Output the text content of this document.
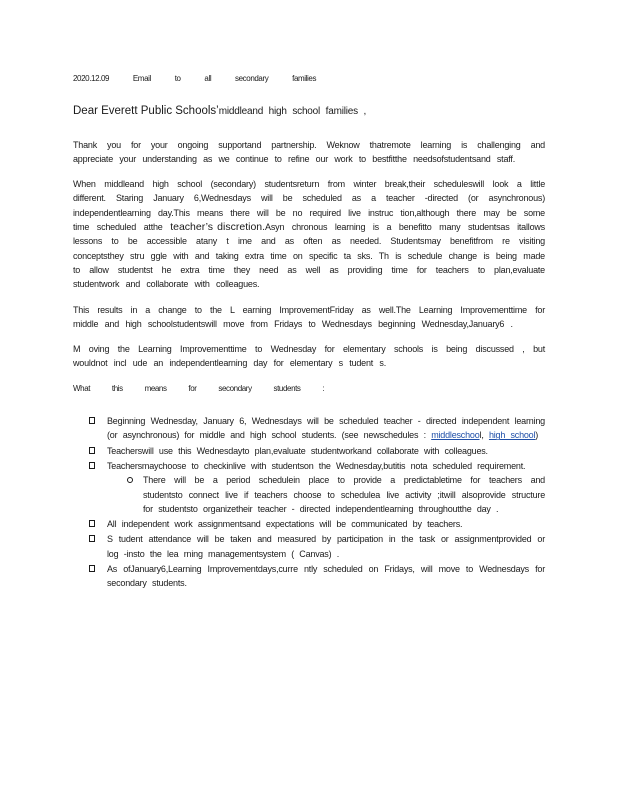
2020.12.09	Email to all secondary families
Dear Everett Public Schools’middleand high school families ,

Thank you for your ongoing supportand partnership. Weknow thatremote learning is challenging and appreciate your understanding as we continue to refine our work to bestfitthe needsofstudentsand staff.

When middleand high school (secondary) studentsreturn from winter break,their scheduleswill look a little different. Staring January 6,Wednesdays will be scheduled as a teacher -directed (or asynchronous) independentlearning day.This means there will be no required live instruc tion,although there may be some time scheduled atthe teacher’s discretion.Asyn chronous learning is a benefitto many studentsas itallows lessons to be accessible atany t ime and as often as needed. Studentsmay benefitfrom re visiting conceptsthey stru ggle with and taking extra time on specific ta sks. Th is schedule change is being made to allow studentst he extra time they need as well as providing time for teachers to plan,evaluate studentwork and collaborate with colleagues.

This results in a change to the L earning ImprovementFriday as well.The Learning Improvementtime for middle and high schoolstudentswill move from Fridays to Wednesdays beginning Wednesday,January6 .

M oving the Learning Improvementtime to Wednesday for elementary schools is being discussed , but wouldnot incl ude an independentlearning day for elementary s tudent s.

What this means for secondary students :
Beginning Wednesday, January 6, Wednesdays will be scheduled teacher - directed independent learning (or asynchronous) for middle and high school students. (see newschedules : middleschool, high school)
Teacherswill use this Wednesdayto plan,evaluate studentworkand collaborate with colleagues.
Teachersmaychoose to checkinlive with studentson the Wednesday,butitis nota scheduled requirement.
There will be a period schedulein place to provide a predictabletime for teachers and studentsto connect live if teachers choose to schedulea live activity ;itwill alsoprovide structure for studentsto organizetheir teacher - directed independentlearning throughoutthe day .
All independent work assignmentsand expectations will be communicated by teachers.
S tudent attendance will be taken and measured by participation in the task or assignmentprovided or log -insto the lea rning managementsystem ( Canvas) .
As ofJanuary6,Learning Improvementdays,curre ntly scheduled on Fridays, will move to Wednesdays for secondary students.
